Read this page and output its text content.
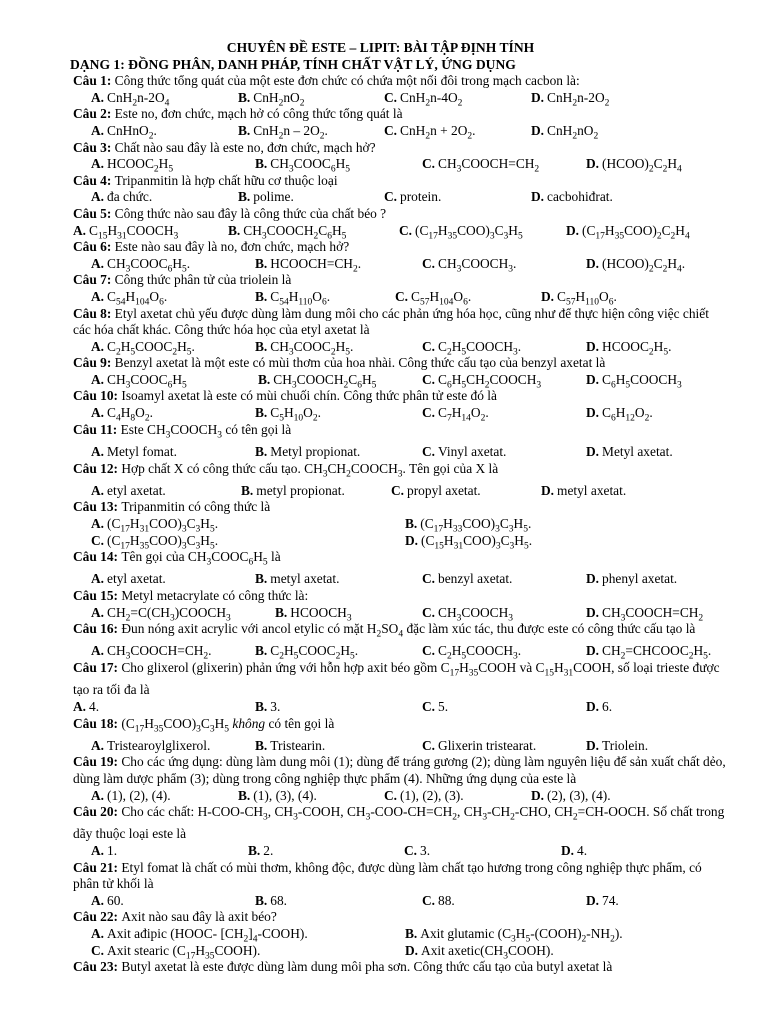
CHUYÊN ĐỀ ESTE – LIPIT: BÀI TẬP ĐỊNH TÍNH
DẠNG 1: ĐỒNG PHÂN, DANH PHÁP, TÍNH CHẤT VẬT LÝ, ỨNG DỤNG
Câu 1: Công thức tổng quát của một este đơn chức có chứa một nối đôi trong mạch cacbon là:
A. $CnH_2n-2O_4$	B. $CnH_2nO_2$	C. $CnH_2n-4O_2$	D. $CnH_2n-2O_2$
Câu 2: Este no, đơn chức, mạch hở có công thức tổng quát là
A. CnHnO$_2$.	B. $CnH_2n - 2O_2$.	C. $CnH_2n + 2O_2$.	D. $CnH_2nO_2$
Câu 3: Chất nào sau đây là este no, đơn chức, mạch hở?
A. $HCOOC_2H_5$	B. $CH_3COOC_6H_5$	C. $CH_3COOCH=CH_2$	D. $(HCOO)_2C_2H_4$
Câu 4: Tripanmitin là hợp chất hữu cơ thuộc loại
A. đa chức.	B. polime.	C. protein.	D. cacbohiđrat.
Câu 5: Công thức nào sau đây là công thức của chất béo ?
A. $C_{15}H_{31}COOCH_3$	B. $CH_3COOCH_2C_6H_5$	C. $(C_{17}H_{35}COO)_3C_3H_5$	D. $(C_{17}H_{35}COO)_2C_2H_4$
Câu 6: Este nào sau đây là no, đơn chức, mạch hở?
A. $CH_3COOC_6H_5$.	B. $HCOOCH=CH_2$.	C. $CH_3COOCH_3$.	D. $(HCOO)_2C_2H_4$.
Câu 7: Công thức phân tử của triolein là
A. $C_{54}H_{104}O_6$.	B. $C_{54}H_{110}O_6$.	C. $C_{57}H_{104}O_6$.	D. $C_{57}H_{110}O_6$.
Câu 8: Etyl axetat chủ yếu được dùng làm dung môi cho các phản ứng hóa học, cũng như để thực hiện công việc chiết các hóa chất khác. Công thức hóa học của etyl axetat là
A. $C_2H_5COOC_2H_5$.	B. $CH_3COOC_2H_5$.	C. $C_2H_5COOCH_3$.	D. $HCOOC_2H_5$.
Câu 9: Benzyl axetat là một este có mùi thơm của hoa nhài. Công thức cấu tạo của benzyl axetat là
A. $CH_3COOC_6H_5$	B. $CH_3COOCH_2C_6H_5$	C. $C_6H_5CH_2COOCH_3$	D. $C_6H_5COOCH_3$
Câu 10: Isoamyl axetat là este có mùi chuối chín. Công thức phân tử este đó là
A. $C_4H_8O_2$.	B. $C_5H_{10}O_2$.	C. $C_7H_{14}O_2$.	D. $C_6H_{12}O_2$.
Câu 11: Este $CH_3COOCH_3$ có tên gọi là
A. Metyl fomat.	B. Metyl propionat.	C. Vinyl axetat.	D. Metyl axetat.
Câu 12: Hợp chất X có công thức cấu tạo. $CH_3CH_2COOCH_3$. Tên gọi của X là
A. etyl axetat.	B. metyl propionat.	C. propyl axetat.	D. metyl axetat.
Câu 13: Tripanmitin có công thức là
A. $(C_{17}H_{31}COO)_3C_3H_5$.	B. $(C_{17}H_{33}COO)_3C_3H_5$.
C. $(C_{17}H_{35}COO)_3C_3H_5$.	D. $(C_{15}H_{31}COO)_3C_3H_5$.
Câu 14: Tên gọi của $CH_3COOC_6H_5$ là
A. etyl axetat.	B. metyl axetat.	C. benzyl axetat.	D. phenyl axetat.
Câu 15: Metyl metacrylate có công thức là:
A. $CH_2=C(CH_3)COOCH_3$	B. $HCOOCH_3$	C. $CH_3COOCH_3$	D. $CH_3COOCH=CH_2$
Câu 16: Đun nóng axit acrylic với ancol etylic có mặt $H_2SO_4$ đặc làm xúc tác, thu được este có công thức cấu tạo là
A. $CH_3COOCH=CH_2$.	B. $C_2H_5COOC_2H_5$.	C. $C_2H_5COOCH_3$.	D. $CH_2=CHCOOC_2H_5$.
Câu 17: Cho glixerol (glixerin) phản ứng với hỗn hợp axit béo gồm $C_{17}H_{35}COOH$ và $C_{15}H_{31}COOH$, số loại trieste được tạo ra tối đa là
A. 4.	B. 3.	C. 5.	D. 6.
Câu 18: $(C_{17}H_{35}COO)_3C_3H_5$ không có tên gọi là
A. Tristearoylglixerol.	B. Tristearin.	C. Glixerin tristearat.	D. Triolein.
Câu 19: Cho các ứng dụng: dùng làm dung môi (1); dùng để tráng gương (2); dùng làm nguyên liệu để sản xuất chất dẻo, dùng làm dược phẩm (3); dùng trong công nghiệp thực phẩm (4). Những ứng dụng của este là
A. (1), (2), (4).	B. (1), (3), (4).	C. (1), (2), (3).	D. (2), (3), (4).
Câu 20: Cho các chất: $H-COO-CH_3$, $CH_3$-COOH, $CH_3-COO-CH=CH_2$, $CH_3-CH_2$-CHO, $CH_2=CH$-OOCH. Số chất trong dãy thuộc loại este là
A. 1.	B. 2.	C. 3.	D. 4.
Câu 21: Etyl fomat là chất có mùi thơm, không độc, được dùng làm chất tạo hương trong công nghiệp thực phẩm, có phân tử khối là
A. 60.	B. 68.	C. 88.	D. 74.
Câu 22: Axit nào sau đây là axit béo?
A. Axit ađipic (HOOC- $[CH_2]_4-COOH$).	B. Axit glutamic $(C_3H_5-(COOH)_2-NH_2)$.
C. Axit stearic $(C_{17}H_{35}COOH)$.	D. Axit $axetic(CH_3COOH)$.
Câu 23: Butyl axetat là este được dùng làm dung môi pha sơn. Công thức cấu tạo của butyl axetat là
